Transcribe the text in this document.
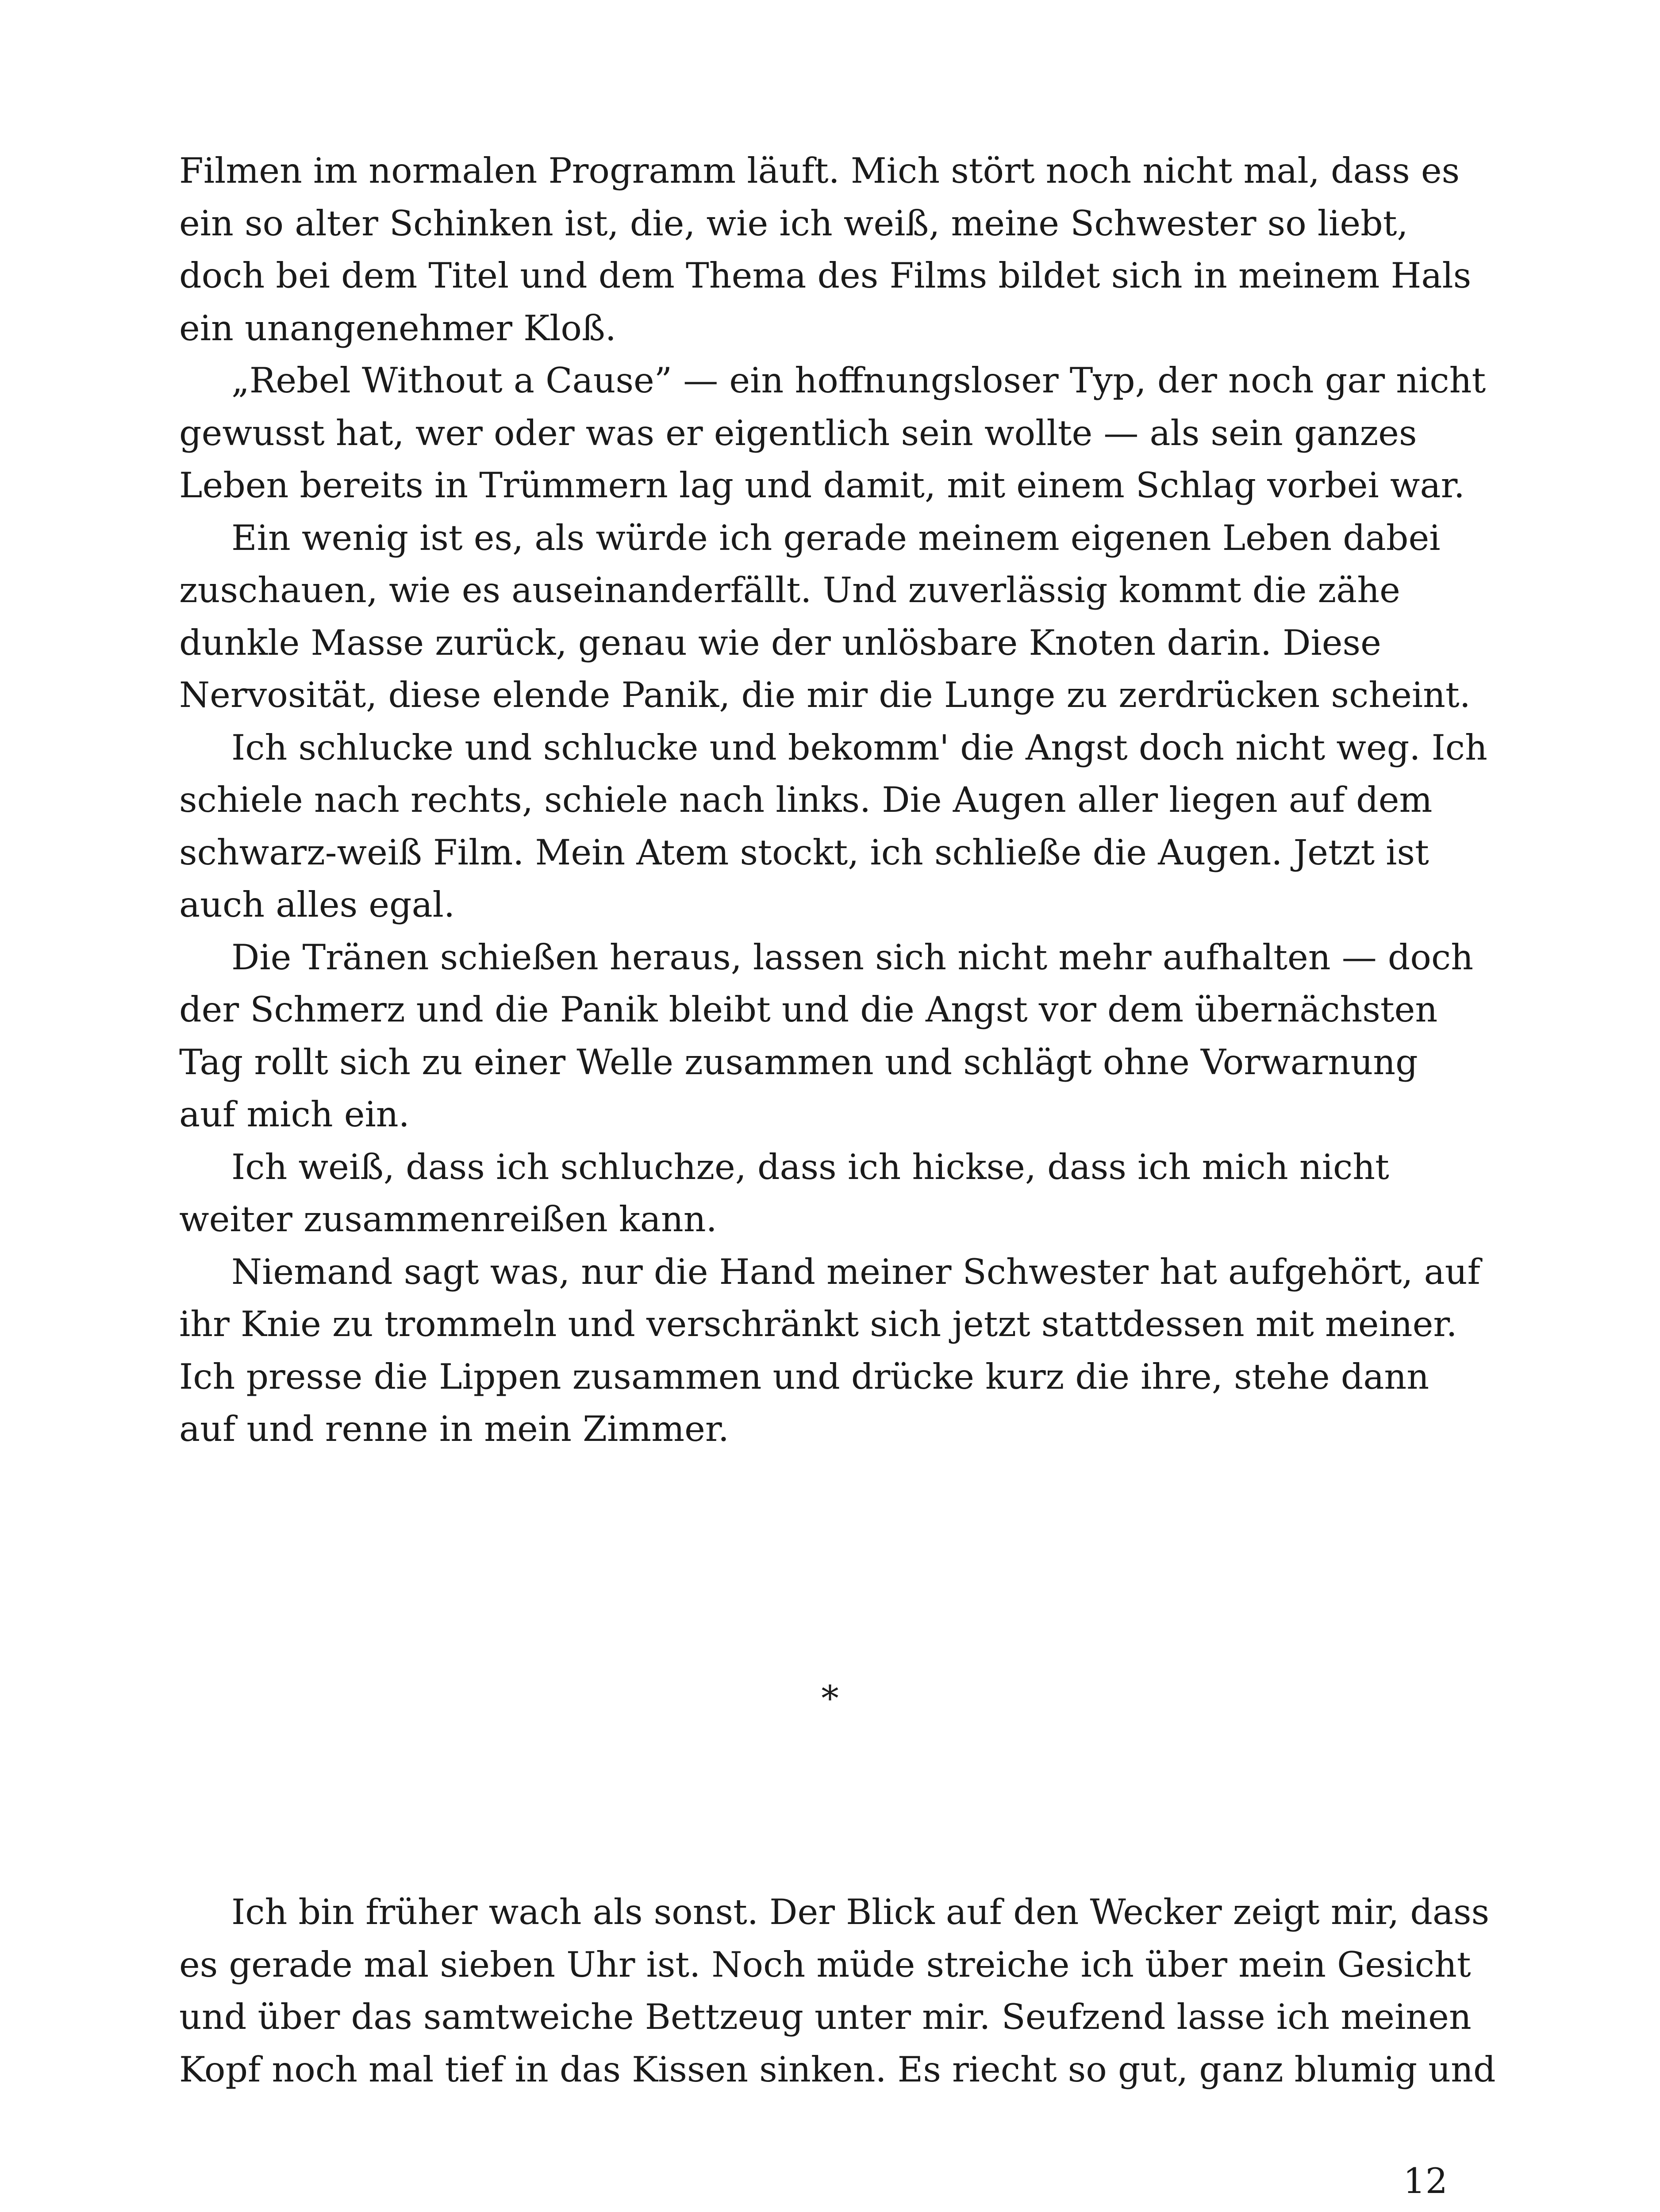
Filmen im normalen Programm läuft. Mich stört noch nicht mal, dass es
ein so alter Schinken ist, die, wie ich weiß, meine Schwester so liebt,
doch bei dem Titel und dem Thema des Films bildet sich in meinem Hals
ein unangenehmer Kloß.
„Rebel Without a Cause” — ein hoffnungsloser Typ, der noch gar nicht
gewusst hat, wer oder was er eigentlich sein wollte — als sein ganzes
Leben bereits in Trümmern lag und damit, mit einem Schlag vorbei war.
Ein wenig ist es, als würde ich gerade meinem eigenen Leben dabei
zuschauen, wie es auseinanderfällt. Und zuverlässig kommt die zähe
dunkle Masse zurück, genau wie der unlösbare Knoten darin. Diese
Nervosität, diese elende Panik, die mir die Lunge zu zerdrücken scheint.
Ich schlucke und schlucke und bekomm' die Angst doch nicht weg. Ich
schiele nach rechts, schiele nach links. Die Augen aller liegen auf dem
schwarz-weiß Film. Mein Atem stockt, ich schließe die Augen. Jetzt ist
auch alles egal.
Die Tränen schießen heraus, lassen sich nicht mehr aufhalten — doch
der Schmerz und die Panik bleibt und die Angst vor dem übernächsten
Tag rollt sich zu einer Welle zusammen und schlägt ohne Vorwarnung
auf mich ein.
Ich weiß, dass ich schluchze, dass ich hickse, dass ich mich nicht
weiter zusammenreißen kann.
Niemand sagt was, nur die Hand meiner Schwester hat aufgehört, auf
ihr Knie zu trommeln und verschränkt sich jetzt stattdessen mit meiner.
Ich presse die Lippen zusammen und drücke kurz die ihre, stehe dann
auf und renne in mein Zimmer.
*
Ich bin früher wach als sonst. Der Blick auf den Wecker zeigt mir, dass
es gerade mal sieben Uhr ist. Noch müde streiche ich über mein Gesicht
und über das samtweiche Bettzeug unter mir. Seufzend lasse ich meinen
Kopf noch mal tief in das Kissen sinken. Es riecht so gut, ganz blumig und
12
